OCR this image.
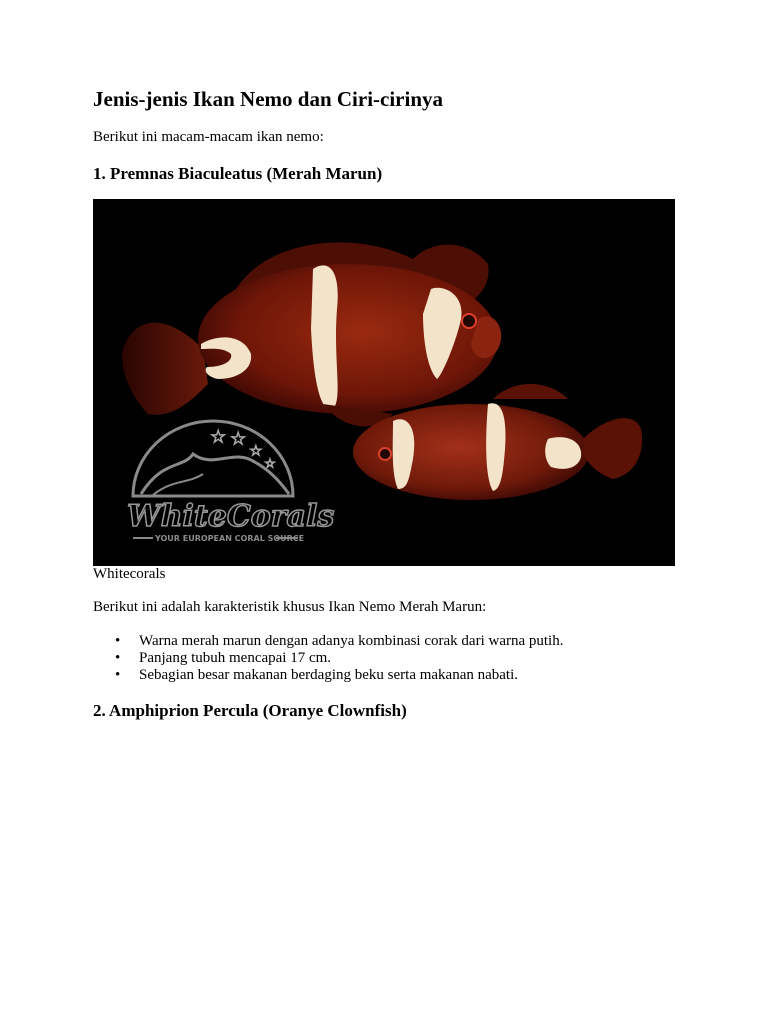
Jenis-jenis Ikan Nemo dan Ciri-cirinya

Berikut ini macam-macam ikan nemo:

1. Premnas Biaculeatus (Merah Marun)
★ ★
★
★
WhiteCorals
YOUR EUROPEAN CORAL SOURCE

Whitecorals

Berikut ini adalah karakteristik khusus Ikan Nemo Merah Marun:

• Warna merah marun dengan adanya kombinasi corak dari warna putih.
• Panjang tubuh mencapai 17 cm.
• Sebagian besar makanan berdaging beku serta makanan nabati.
2. Amphiprion Percula (Oranye Clownfish)
